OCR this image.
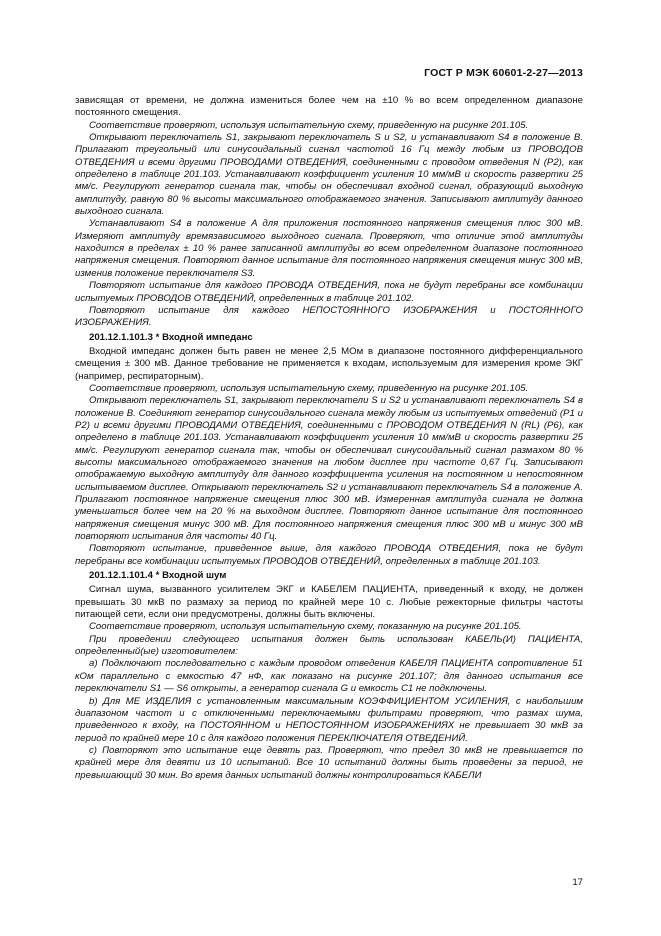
ГОСТ Р МЭК 60601-2-27—2013

зависящая от времени, не должна измениться более чем на ±10 % во всем определенном диапазоне постоянного смещения.

Соответствие проверяют, используя испытательную схему, приведенную на рисунке 201.105.

Открывают переключатель S1, закрывают переключатель S и S2, и устанавливают S4 в положение B. Прилагают треугольный или синусоидальный сигнал частотой 16 Гц между любым из ПРОВОДОВ ОТВЕДЕНИЯ и всеми другими ПРОВОДАМИ ОТВЕДЕНИЯ, соединенными с проводом отведения N (P2), как определено в таблице 201.103. Устанавливают коэффициент усиления 10 мм/мВ и скорость развертки 25 мм/с. Регулируют генератор сигнала так, чтобы он обеспечивал входной сигнал, образующий выходную амплитуду, равную 80 % высоты максимального отображаемого значения. Записывают амплитуду данного выходного сигнала.

Устанавливают S4 в положение A для приложения постоянного напряжения смещения плюс 300 мВ. Измеряют амплитуду времязависимого выходного сигнала. Проверяют, что отличие этой амплитуды находится в пределах ± 10 % ранее записанной амплитуды во всем определенном диапазоне постоянного напряжения смещения. Повторяют данное испытание для постоянного напряжения смещения минус 300 мВ, изменив положение переключателя S3.

Повторяют испытание для каждого ПРОВОДА ОТВЕДЕНИЯ, пока не будут перебраны все комбинации испытуемых ПРОВОДОВ ОТВЕДЕНИЙ, определенных в таблице 201.102.

Повторяют испытание для каждого НЕПОСТОЯННОГО ИЗОБРАЖЕНИЯ и ПОСТОЯННОГО ИЗОБРАЖЕНИЯ.

201.12.1.101.3 * Входной импеданс

Входной импеданс должен быть равен не менее 2,5 МОм в диапазоне постоянного дифференциального смещения ± 300 мВ. Данное требование не применяется к входам, используемым для измерения кроме ЭКГ (например, респираторным).

Соответствие проверяют, используя испытательную схему, приведенную на рисунке 201.105.

Открывают переключатель S1, закрывают переключатели S и S2 и устанавливают переключатель S4 в положение B. Соединяют генератор синусоидального сигнала между любым из испытуемых отведений (P1 и P2) и всеми другими ПРОВОДАМИ ОТВЕДЕНИЯ, соединенными с ПРОВОДОМ ОТВЕДЕНИЯ N (RL) (P6), как определено в таблице 201.103. Устанавливают коэффициент усиления 10 мм/мВ и скорость развертки 25 мм/с. Регулируют генератор сигнала так, чтобы он обеспечивал синусоидальный сигнал размахом 80 % высоты максимального отображаемого значения на любом дисплее при частоте 0,67 Гц. Записывают отображаемую выходную амплитуду для данного коэффициента усиления на постоянном и непостоянном испытываемом дисплее. Открывают переключатель S2 и устанавливают переключатель S4 в положение A. Прилагают постоянное напряжение смещения плюс 300 мВ. Измеренная амплитуда сигнала не должна уменьшаться более чем на 20 % на выходном дисплее. Повторяют данное испытание для постоянного напряжения смещения минус 300 мВ. Для постоянного напряжения смещения плюс 300 мВ и минус 300 мВ повторяют испытания для частоты 40 Гц.

Повторяют испытание, приведенное выше, для каждого ПРОВОДА ОТВЕДЕНИЯ, пока не будут перебраны все комбинации испытуемых ПРОВОДОВ ОТВЕДЕНИЙ, определенных в таблице 201.103.

201.12.1.101.4 * Входной шум

Сигнал шума, вызванного усилителем ЭКГ и КАБЕЛЕМ ПАЦИЕНТА, приведенный к входу, не должен превышать 30 мкВ по размаху за период по крайней мере 10 с. Любые режекторные фильтры частоты питающей сети, если они предусмотрены, должны быть включены.

Соответствие проверяют, используя испытательную схему, показанную на рисунке 201.105.

При проведении следующего испытания должен быть использован КАБЕЛЬ(И) ПАЦИЕНТА, определенный(ые) изготовителем:

a) Подключают последовательно с каждым проводом отведения КАБЕЛЯ ПАЦИЕНТА сопротивление 51 кОм параллельно с емкостью 47 нФ, как показано на рисунке 201.107; для данного испытания все переключатели S1 — S6 открыты, а генератор сигнала G и емкость C1 не подключены.

b) Для МЕ ИЗДЕЛИЯ с установленным максимальным КОЭФФИЦИЕНТОМ УСИЛЕНИЯ, с наибольшим диапазоном частот и с отключенными переключаемыми фильтрами проверяют, что размах шума, приведенного к входу, на ПОСТОЯННОМ и НЕПОСТОЯННОМ ИЗОБРАЖЕНИЯХ не превышает 30 мкВ за период по крайней мере 10 с для каждого положения ПЕРЕКЛЮЧАТЕЛЯ ОТВЕДЕНИЙ.

c) Повторяют это испытание еще девять раз. Проверяют, что предел 30 мкВ не превышается по крайней мере для девяти из 10 испытаний. Все 10 испытаний должны быть проведены за период, не превышающий 30 мин. Во время данных испытаний должны контролироваться КАБЕЛИ

17
